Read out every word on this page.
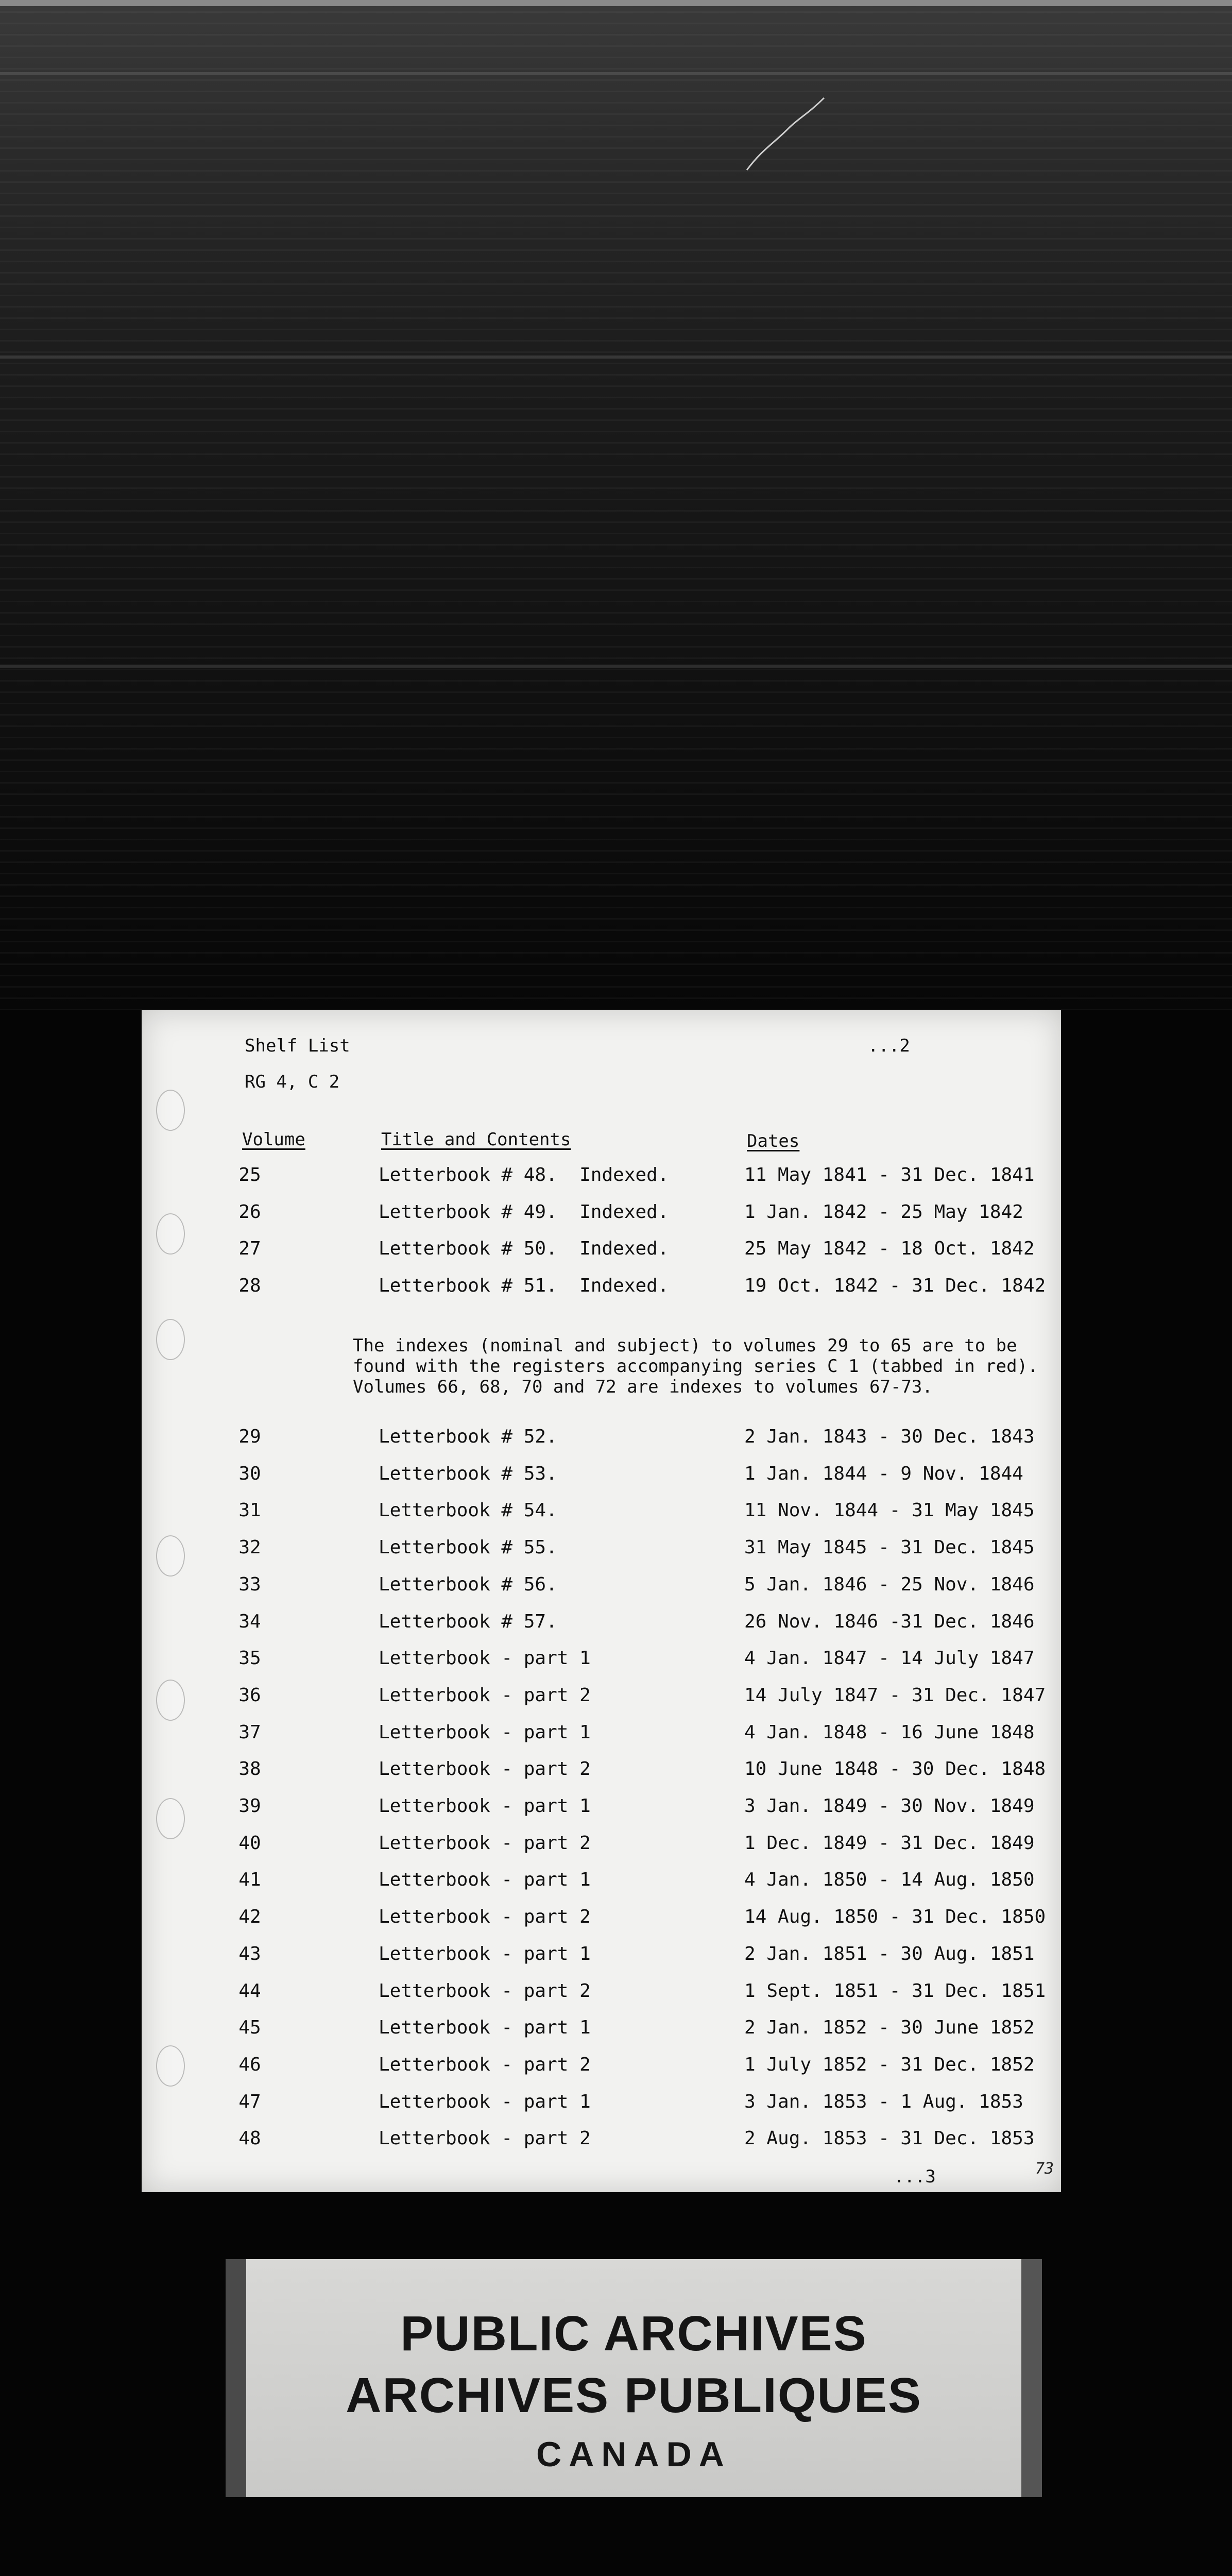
Shelf List	...2
RG 4, C 2
Volume	Title and Contents	Dates
25	Letterbook # 48.  Indexed.	11 May 1841 - 31 Dec. 1841
26	Letterbook # 49.  Indexed.	1 Jan. 1842 - 25 May 1842
27	Letterbook # 50.  Indexed.	25 May 1842 - 18 Oct. 1842
28	Letterbook # 51.  Indexed.	19 Oct. 1842 - 31 Dec. 1842
The indexes (nominal and subject) to volumes 29 to 65 are to be
found with the registers accompanying series C 1 (tabbed in red).
Volumes 66, 68, 70 and 72 are indexes to volumes 67-73.
29	Letterbook # 52.	2 Jan. 1843 - 30 Dec. 1843
30	Letterbook # 53.	1 Jan. 1844 - 9 Nov. 1844
31	Letterbook # 54.	11 Nov. 1844 - 31 May 1845
32	Letterbook # 55.	31 May 1845 - 31 Dec. 1845
33	Letterbook # 56.	5 Jan. 1846 - 25 Nov. 1846
34	Letterbook # 57.	26 Nov. 1846 -31 Dec. 1846
35	Letterbook - part 1	4 Jan. 1847 - 14 July 1847
36	Letterbook - part 2	14 July 1847 - 31 Dec. 1847
37	Letterbook - part 1	4 Jan. 1848 - 16 June 1848
38	Letterbook - part 2	10 June 1848 - 30 Dec. 1848
39	Letterbook - part 1	3 Jan. 1849 - 30 Nov. 1849
40	Letterbook - part 2	1 Dec. 1849 - 31 Dec. 1849
41	Letterbook - part 1	4 Jan. 1850 - 14 Aug. 1850
42	Letterbook - part 2	14 Aug. 1850 - 31 Dec. 1850
43	Letterbook - part 1	2 Jan. 1851 - 30 Aug. 1851
44	Letterbook - part 2	1 Sept. 1851 - 31 Dec. 1851
45	Letterbook - part 1	2 Jan. 1852 - 30 June 1852
46	Letterbook - part 2	1 July 1852 - 31 Dec. 1852
47	Letterbook - part 1	3 Jan. 1853 - 1 Aug. 1853
48	Letterbook - part 2	2 Aug. 1853 - 31 Dec. 1853
...3	73
PUBLIC ARCHIVES
ARCHIVES PUBLIQUES
CANADA
